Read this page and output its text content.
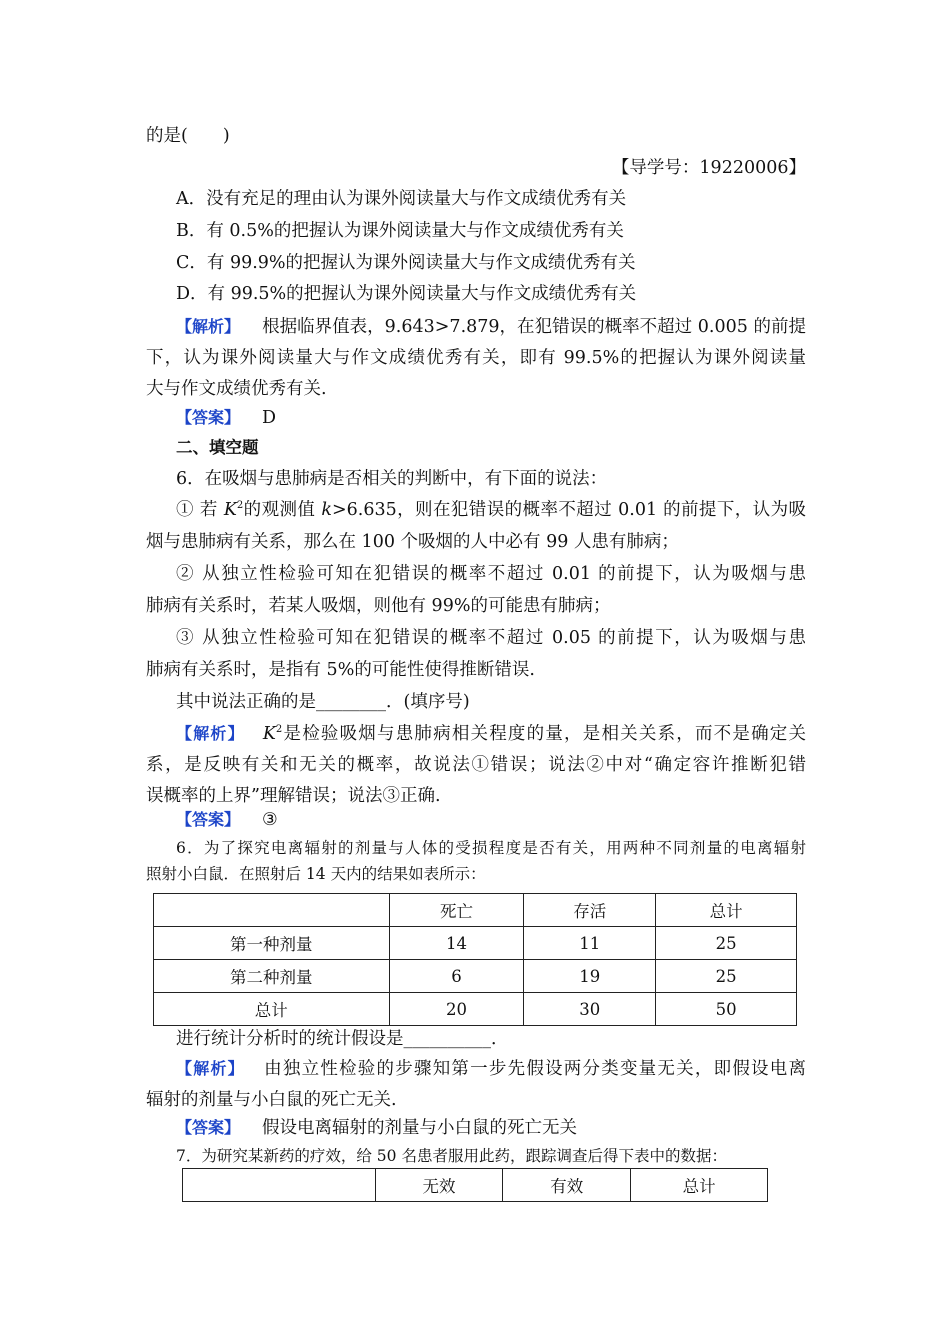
的是(　　)
【导学号：19220006】
A．没有充足的理由认为课外阅读量大与作文成绩优秀有关
B．有 0.5%的把握认为课外阅读量大与作文成绩优秀有关
C．有 99.9%的把握认为课外阅读量大与作文成绩优秀有关
D．有 99.5%的把握认为课外阅读量大与作文成绩优秀有关
【解析】 根据临界值表，9.643>7.879，在犯错误的概率不超过 0.005 的前提
下，认为课外阅读量大与作文成绩优秀有关，即有 99.5%的把握认为课外阅读量
大与作文成绩优秀有关.
【答案】 D
二、填空题
6．在吸烟与患肺病是否相关的判断中，有下面的说法：
① 若 $K^2$的观测值 k>6.635，则在犯错误的概率不超过 0.01 的前提下，认为吸
烟与患肺病有关系，那么在 100 个吸烟的人中必有 99 人患有肺病；
② 从独立性检验可知在犯错误的概率不超过 0.01 的前提下，认为吸烟与患
肺病有关系时，若某人吸烟，则他有 99%的可能患有肺病；
③ 从独立性检验可知在犯错误的概率不超过 0.05 的前提下，认为吸烟与患
肺病有关系时，是指有 5%的可能性使得推断错误.
其中说法正确的是________．(填序号)
【解析】 $K^2$是检验吸烟与患肺病相关程度的量，是相关关系，而不是确定关
系，是反映有关和无关的概率，故说法①错误；说法②中对“确定容许推断犯错
误概率的上界”理解错误；说法③正确.
【答案】 ③
6．为了探究电离辐射的剂量与人体的受损程度是否有关，用两种不同剂量的电离辐射
照射小白鼠．在照射后 14 天内的结果如表所示：
	死亡	存活	总计
第一种剂量	14	11	25
第二种剂量	6	19	25
总计	20	30	50
进行统计分析时的统计假设是__________．
【解析】 由独立性检验的步骤知第一步先假设两分类变量无关，即假设电离
辐射的剂量与小白鼠的死亡无关.
【答案】 假设电离辐射的剂量与小白鼠的死亡无关
7．为研究某新药的疗效，给 50 名患者服用此药，跟踪调查后得下表中的数据：
	无效	有效	总计
